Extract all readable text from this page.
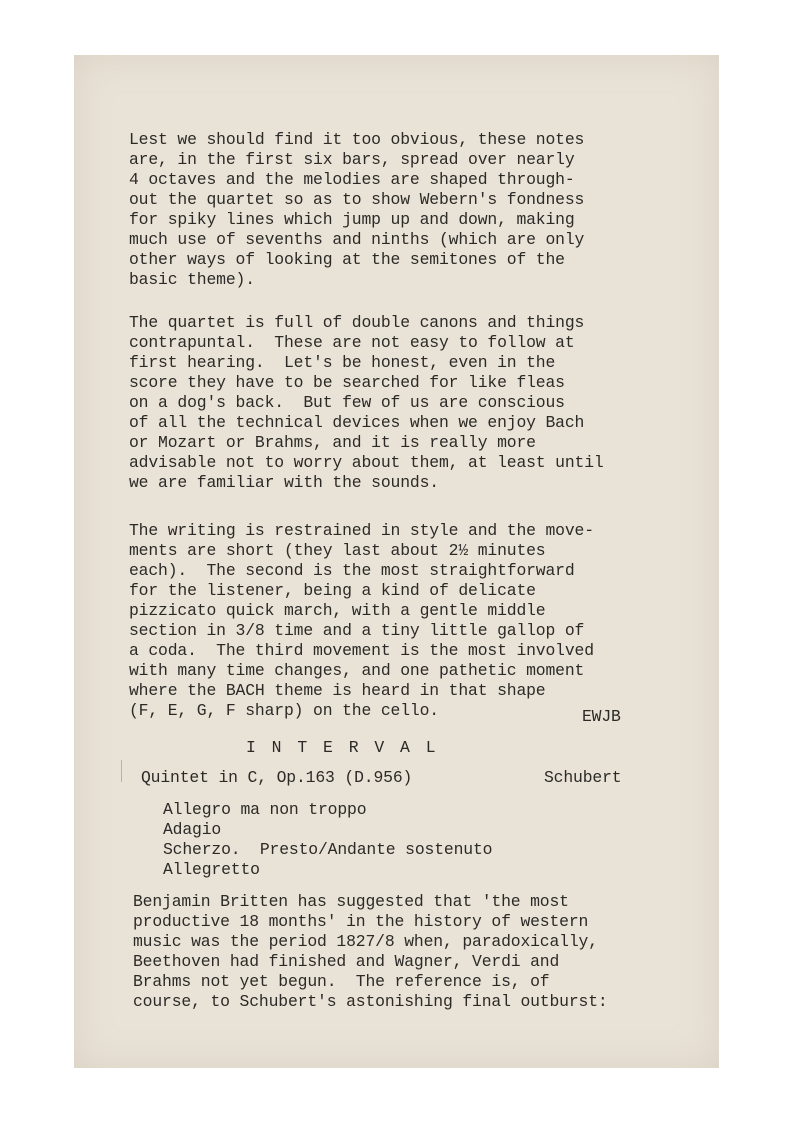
Lest we should find it too obvious, these notes

are, in the first six bars, spread over nearly

4 octaves and the melodies are shaped through-

out the quartet so as to show Webern's fondness

for spiky lines which jump up and down, making

much use of sevenths and ninths (which are only

other ways of looking at the semitones of the

basic theme).

The quartet is full of double canons and things

contrapuntal.  These are not easy to follow at

first hearing.  Let's be honest, even in the

score they have to be searched for like fleas

on a dog's back.  But few of us are conscious

of all the technical devices when we enjoy Bach

or Mozart or Brahms, and it is really more

advisable not to worry about them, at least until

we are familiar with the sounds.

The writing is restrained in style and the move-

ments are short (they last about 2½ minutes

each).  The second is the most straightforward

for the listener, being a kind of delicate

pizzicato quick march, with a gentle middle

section in 3/8 time and a tiny little gallop of

a coda.  The third movement is the most involved

with many time changes, and one pathetic moment

where the BACH theme is heard in that shape

(F, E, G, F sharp) on the cello.	EWJB

I N T E R V A L

Quintet in C, Op.163 (D.956)	Schubert

Allegro ma non troppo

Adagio

Scherzo.  Presto/Andante sostenuto

Allegretto

Benjamin Britten has suggested that 'the most

productive 18 months' in the history of western

music was the period 1827/8 when, paradoxically,

Beethoven had finished and Wagner, Verdi and

Brahms not yet begun.  The reference is, of

course, to Schubert's astonishing final outburst:
